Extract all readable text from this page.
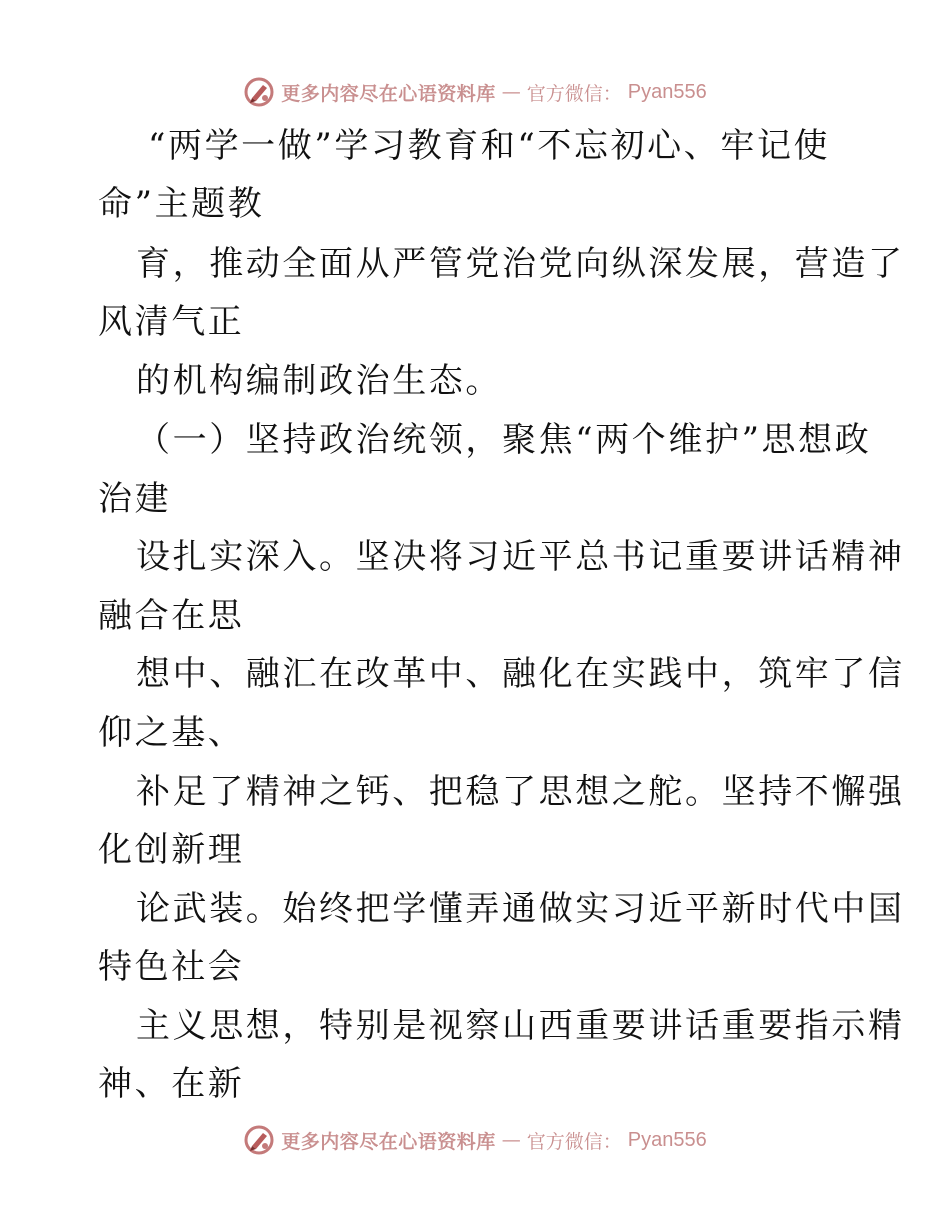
更多内容尽在心语资料库 — 官方微信： Pyan556
“两学一做”学习教育和“不忘初心、牢记使
命”主题教
育，推动全面从严管党治党向纵深发展，营造了
风清气正
的机构编制政治生态。
（一）坚持政治统领，聚焦“两个维护”思想政
治建
设扎实深入。坚决将习近平总书记重要讲话精神
融合在思
想中、融汇在改革中、融化在实践中，筑牢了信
仰之基、
补足了精神之钙、把稳了思想之舵。坚持不懈强
化创新理
论武装。始终把学懂弄通做实习近平新时代中国
特色社会
主义思想，特别是视察山西重要讲话重要指示精
神、在新
更多内容尽在心语资料库 — 官方微信： Pyan556
